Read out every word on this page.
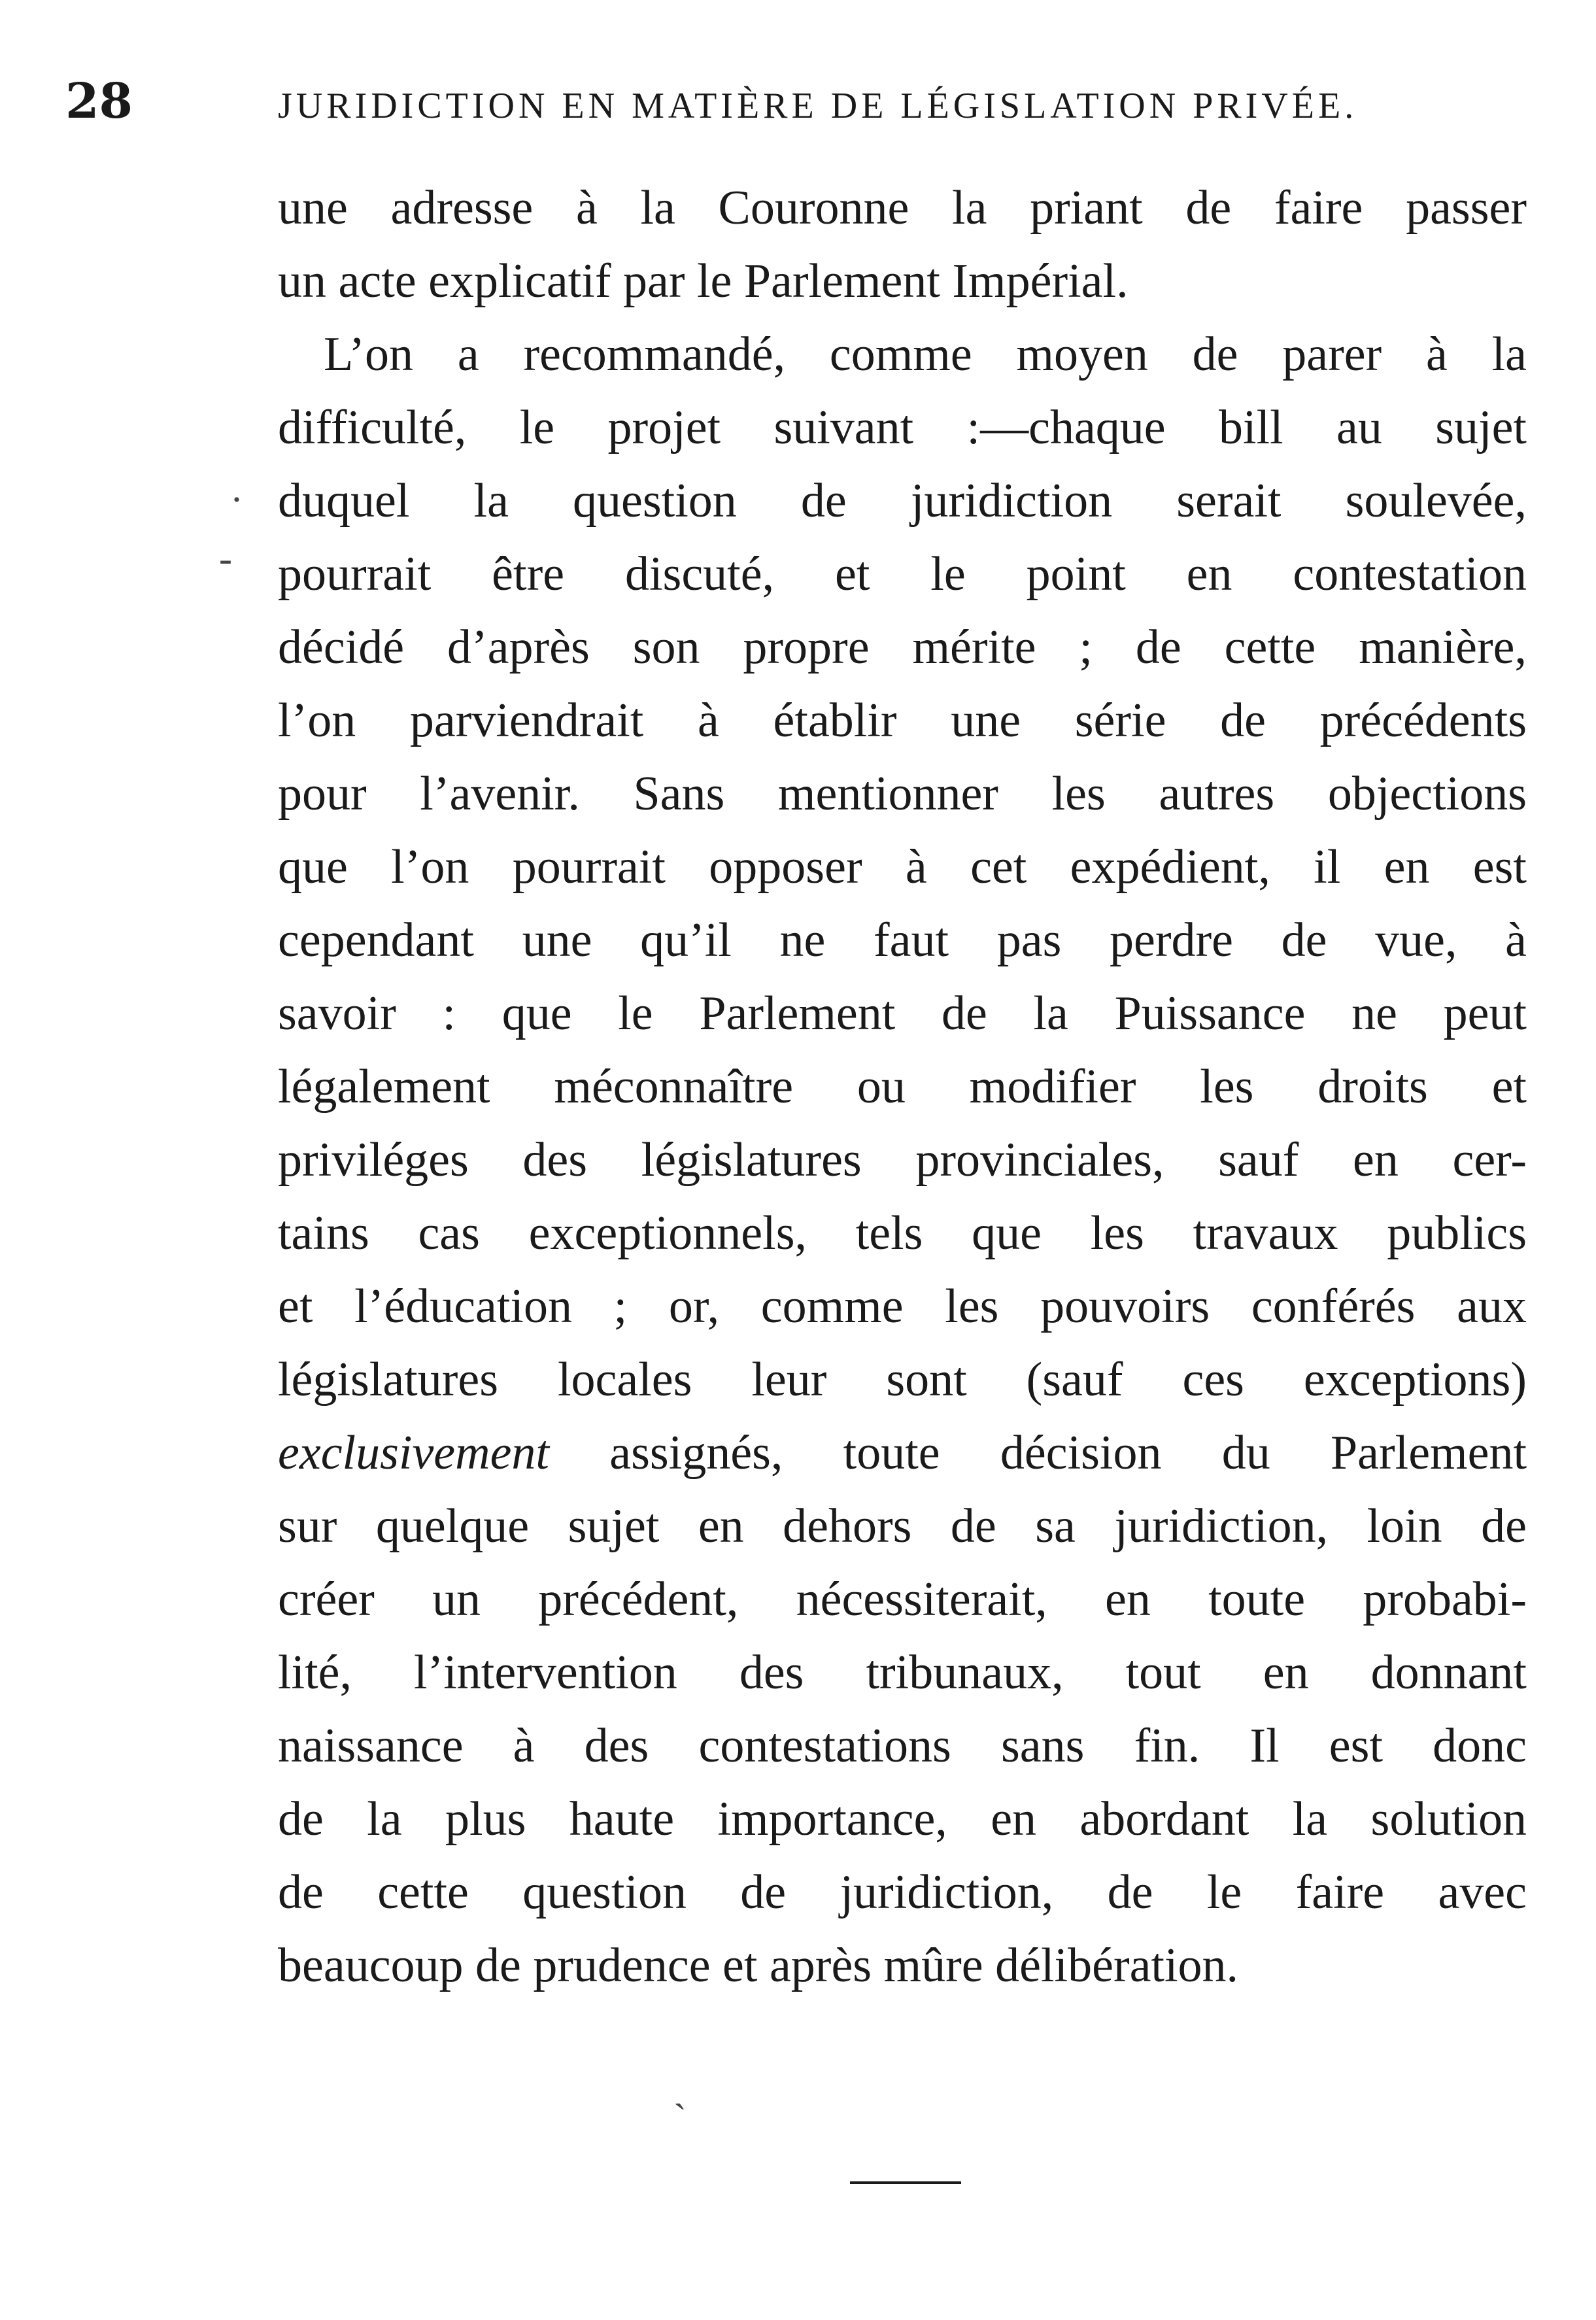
28	JURIDICTION EN MATIÈRE DE LÉGISLATION PRIVÉE.
une adresse à la Couronne la priant de faire passer
un acte explicatif par le Parlement Impérial.
L’on a recommandé, comme moyen de parer à la
difficulté, le projet suivant :—chaque bill au sujet
duquel la question de juridiction serait soulevée,
pourrait être discuté, et le point en contestation
décidé d’après son propre mérite ; de cette manière,
l’on parviendrait à établir une série de précédents
pour l’avenir. Sans mentionner les autres objections
que l’on pourrait opposer à cet expédient, il en est
cependant une qu’il ne faut pas perdre de vue, à
savoir : que le Parlement de la Puissance ne peut
légalement méconnaître ou modifier les droits et
priviléges des législatures provinciales, sauf en cer-
tains cas exceptionnels, tels que les travaux publics
et l’éducation ; or, comme les pouvoirs conférés aux
législatures locales leur sont (sauf ces exceptions)
exclusivement assignés, toute décision du Parlement
sur quelque sujet en dehors de sa juridiction, loin de
créer un précédent, nécessiterait, en toute probabi-
lité, l’intervention des tribunaux, tout en donnant
naissance à des contestations sans fin. Il est donc
de la plus haute importance, en abordant la solution
de cette question de juridiction, de le faire avec
beaucoup de prudence et après mûre délibération.
·
-
`
